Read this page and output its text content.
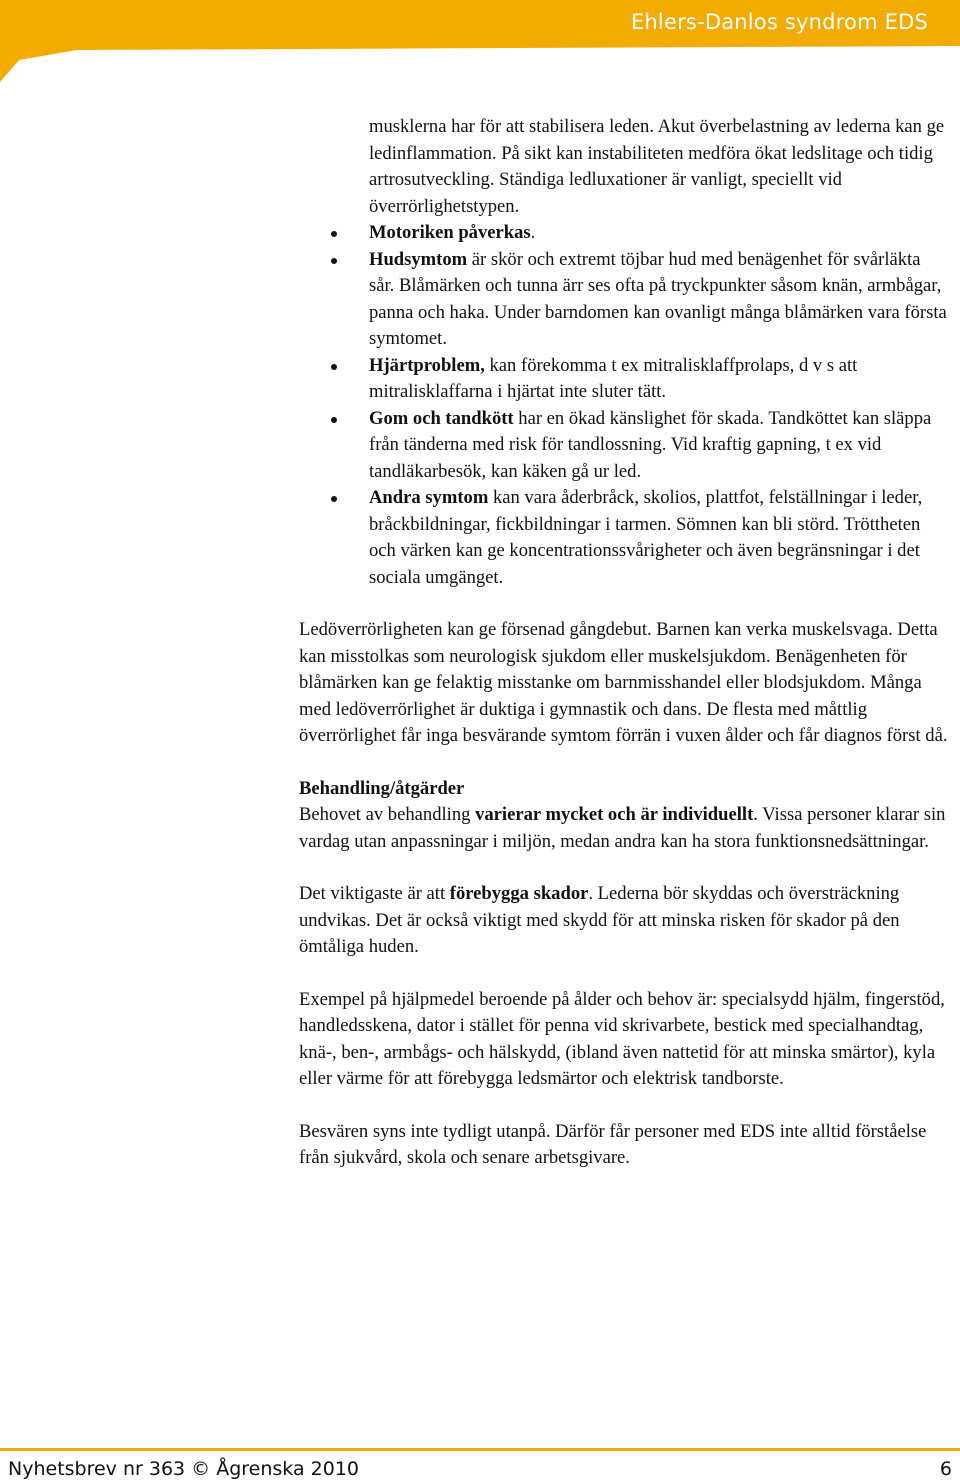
Ehlers-Danlos syndrom EDS
musklerna har för att stabilisera leden. Akut överbelastning av lederna kan ge ledinflammation. På sikt kan instabiliteten medföra ökat ledslitage och tidig artrosutveckling. Ständiga ledluxationer är vanligt, speciellt vid överrörlighetstypen.
Motoriken påverkas.
Hudsymtom är skör och extremt töjbar hud med benägenhet för svårläkta sår. Blåmärken och tunna ärr ses ofta på tryckpunkter såsom knän, armbågar, panna och haka. Under barndomen kan ovanligt många blåmärken vara första symtomet.
Hjärtproblem, kan förekomma t ex mitralisklaffprolaps, d v s att mitralisklaffarna i hjärtat inte sluter tätt.
Gom och tandkött har en ökad känslighet för skada. Tandköttet kan släppa från tänderna med risk för tandlossning. Vid kraftig gapning, t ex vid tandläkarbesök, kan käken gå ur led.
Andra symtom kan vara åderbråck, skolios, plattfot, felställningar i leder, bråckbildningar, fickbildningar i tarmen. Sömnen kan bli störd. Tröttheten och värken kan ge koncentrationssvårigheter och även begränsningar i det sociala umgänget.

Ledöverrörligheten kan ge försenad gångdebut. Barnen kan verka muskelsvaga. Detta kan misstolkas som neurologisk sjukdom eller muskelsjukdom. Benägenheten för blåmärken kan ge felaktig misstanke om barnmisshandel eller blodsjukdom. Många med ledöverrörlighet är duktiga i gymnastik och dans. De flesta med måttlig överrörlighet får inga besvärande symtom förrän i vuxen ålder och får diagnos först då.

Behandling/åtgärder

Behovet av behandling varierar mycket och är individuellt. Vissa personer klarar sin vardag utan anpassningar i miljön, medan andra kan ha stora funktionsnedsättningar.

Det viktigaste är att förebygga skador. Lederna bör skyddas och översträckning undvikas. Det är också viktigt med skydd för att minska risken för skador på den ömtåliga huden.

Exempel på hjälpmedel beroende på ålder och behov är: specialsydd hjälm, fingerstöd, handledsskena, dator i stället för penna vid skrivarbete, bestick med specialhandtag, knä-, ben-, armbågs- och hälskydd, (ibland även nattetid för att minska smärtor), kyla eller värme för att förebygga ledsmärtor och elektrisk tandborste.

Besvären syns inte tydligt utanpå. Därför får personer med EDS inte alltid förståelse från sjukvård, skola och senare arbetsgivare.

Nyhetsbrev nr 363 © Ågrenska 2010	6
